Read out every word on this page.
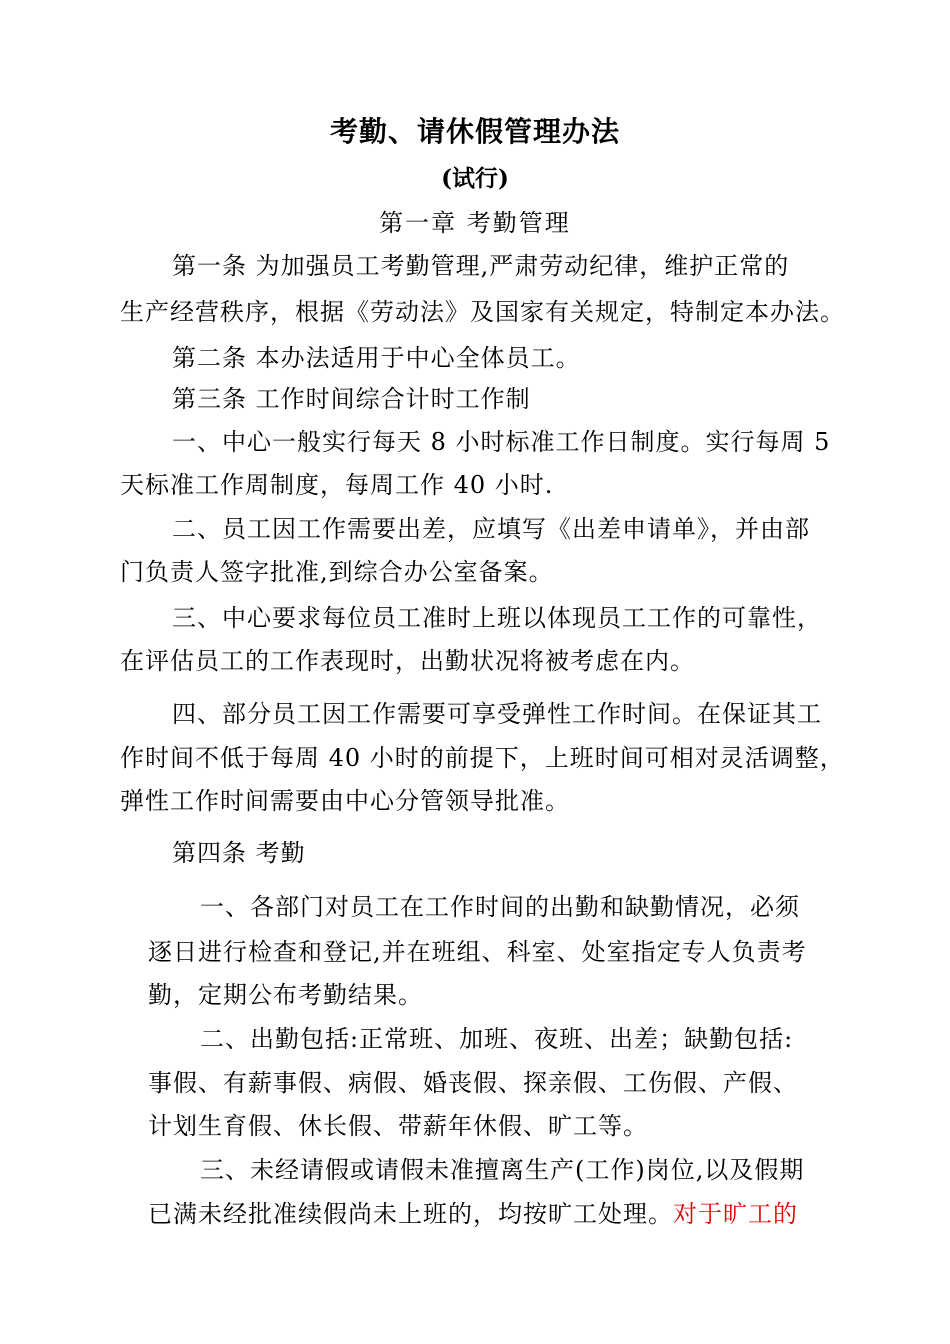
考勤、请休假管理办法
(试行)
第一章 考勤管理
第一条 为加强员工考勤管理,严肃劳动纪律，维护正常的
生产经营秩序，根据《劳动法》及国家有关规定，特制定本办法。
第二条 本办法适用于中心全体员工。
第三条 工作时间综合计时工作制
一、中心一般实行每天 8 小时标准工作日制度。实行每周 5
天标准工作周制度，每周工作 40 小时.
二、员工因工作需要出差，应填写《出差申请单》，并由部
门负责人签字批准,到综合办公室备案。
三、中心要求每位员工准时上班以体现员工工作的可靠性，
在评估员工的工作表现时，出勤状况将被考虑在内。
四、部分员工因工作需要可享受弹性工作时间。在保证其工
作时间不低于每周 40 小时的前提下，上班时间可相对灵活调整，
弹性工作时间需要由中心分管领导批准。
第四条 考勤
一、各部门对员工在工作时间的出勤和缺勤情况，必须
逐日进行检查和登记,并在班组、科室、处室指定专人负责考
勤，定期公布考勤结果。
二、出勤包括:正常班、加班、夜班、出差；缺勤包括:
事假、有薪事假、病假、婚丧假、探亲假、工伤假、产假、
计划生育假、休长假、带薪年休假、旷工等。
三、未经请假或请假未准擅离生产(工作)岗位,以及假期
已满未经批准续假尚未上班的，均按旷工处理。对于旷工的
